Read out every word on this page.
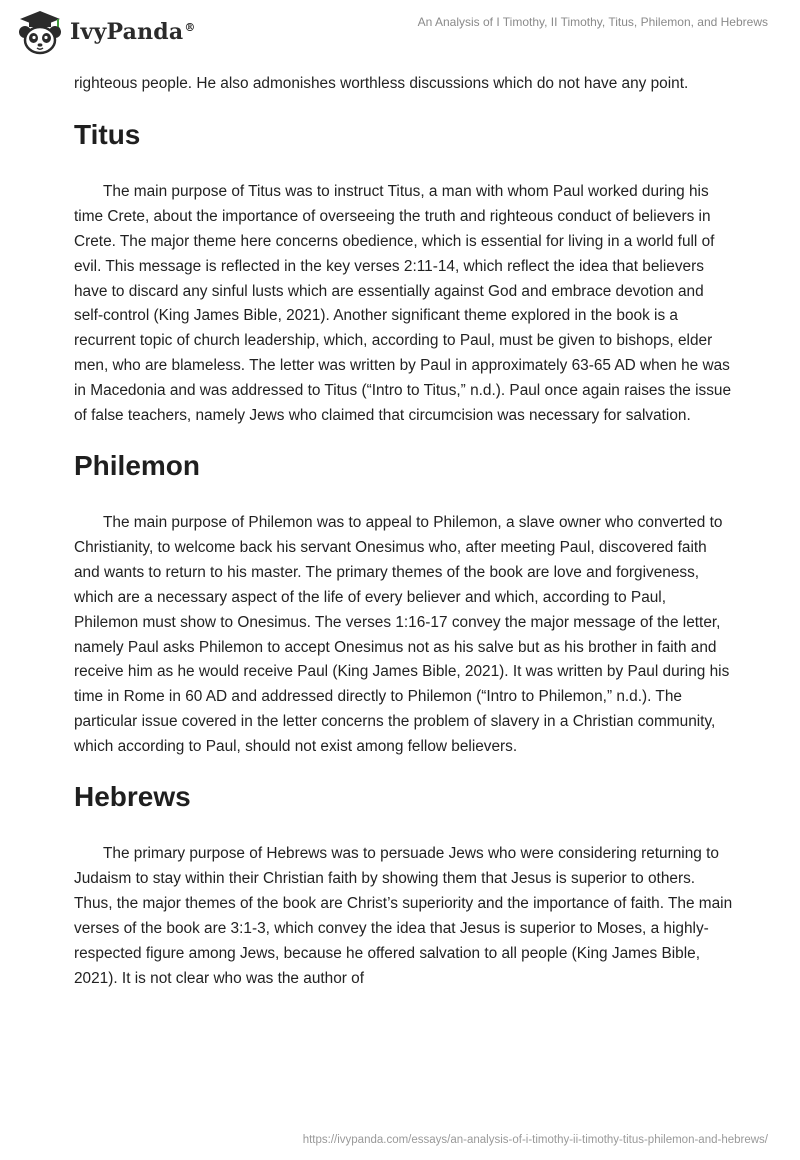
IvyPanda®	An Analysis of I Timothy, II Timothy, Titus, Philemon, and Hebrews

righteous people. He also admonishes worthless discussions which do not have any point.

Titus

The main purpose of Titus was to instruct Titus, a man with whom Paul worked during his time Crete, about the importance of overseeing the truth and righteous conduct of believers in Crete. The major theme here concerns obedience, which is essential for living in a world full of evil. This message is reflected in the key verses 2:11-14, which reflect the idea that believers have to discard any sinful lusts which are essentially against God and embrace devotion and self-control (King James Bible, 2021). Another significant theme explored in the book is a recurrent topic of church leadership, which, according to Paul, must be given to bishops, elder men, who are blameless. The letter was written by Paul in approximately 63-65 AD when he was in Macedonia and was addressed to Titus (“Intro to Titus,” n.d.). Paul once again raises the issue of false teachers, namely Jews who claimed that circumcision was necessary for salvation.

Philemon

The main purpose of Philemon was to appeal to Philemon, a slave owner who converted to Christianity, to welcome back his servant Onesimus who, after meeting Paul, discovered faith and wants to return to his master. The primary themes of the book are love and forgiveness, which are a necessary aspect of the life of every believer and which, according to Paul, Philemon must show to Onesimus. The verses 1:16-17 convey the major message of the letter, namely Paul asks Philemon to accept Onesimus not as his salve but as his brother in faith and receive him as he would receive Paul (King James Bible, 2021). It was written by Paul during his time in Rome in 60 AD and addressed directly to Philemon (“Intro to Philemon,” n.d.). The particular issue covered in the letter concerns the problem of slavery in a Christian community, which according to Paul, should not exist among fellow believers.

Hebrews

The primary purpose of Hebrews was to persuade Jews who were considering returning to Judaism to stay within their Christian faith by showing them that Jesus is superior to others. Thus, the major themes of the book are Christ’s superiority and the importance of faith. The main verses of the book are 3:1-3, which convey the idea that Jesus is superior to Moses, a highly-respected figure among Jews, because he offered salvation to all people (King James Bible, 2021). It is not clear who was the author of

https://ivypanda.com/essays/an-analysis-of-i-timothy-ii-timothy-titus-philemon-and-hebrews/
